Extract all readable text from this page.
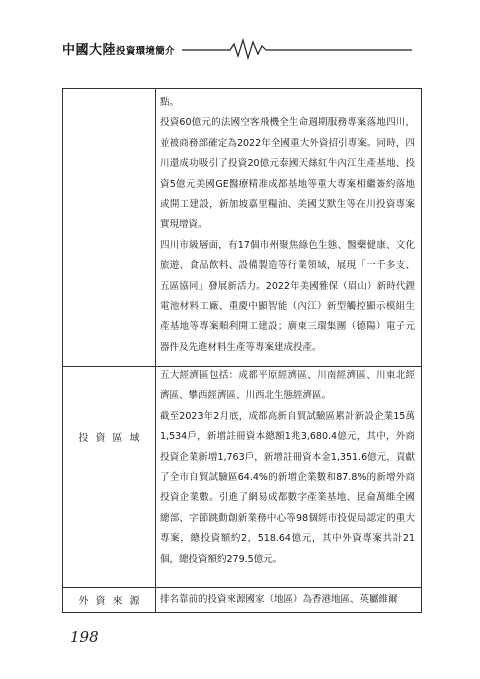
中國大陸投資環境簡介

點。

投資60億元的法國空客飛機全生命週期服務專案落地四川，並被商務部確定為2022年全國重大外資招引專案。同時，四川還成功吸引了投資20億元泰國天絲紅牛內江生產基地、投資5億元美國GE醫療精准成都基地等重大專案相繼簽約落地或開工建設，新加坡嘉里糧油、美國艾默生等在川投資專案實現增資。

四川市級層面，有17個市州聚焦綠色生態、醫藥健康、文化旅遊、食品飲料、設備製造等行業領域，展現「一千多支、五區協同」發展新活力。2022年美國雅保（眉山）新時代鋰電池材料工廠、重慶中顯智能（內江）新型觸控顯示模組生產基地等專案順利開工建設；廣東三環集團（德陽）電子元器件及先進材料生產等專案建成投產。

投資區域

五大經濟區包括：成都平原經濟區、川南經濟區、川東北經濟區、攀西經濟區、川西北生態經濟區。

截至2023年2月底，成都高新自貿試驗區累計新設企業15萬1,534戶，新增註冊資本總額1兆3,680.4億元，其中，外商投資企業新增1,763戶，新增註冊資本金1,351.6億元，貢獻了全市自貿試驗區64.4%的新增企業數和87.8%的新增外商投資企業數。引進了網易成都數字產業基地、昆侖萬維全國總部、字節跳動創新業務中心等98個經市投促局認定的重大專案，總投資額約2，518.64億元，其中外資專案共計21個，總投資額約279.5億元。

外資來源	排名靠前的投資來源國家（地區）為香港地區、英屬維爾

198
